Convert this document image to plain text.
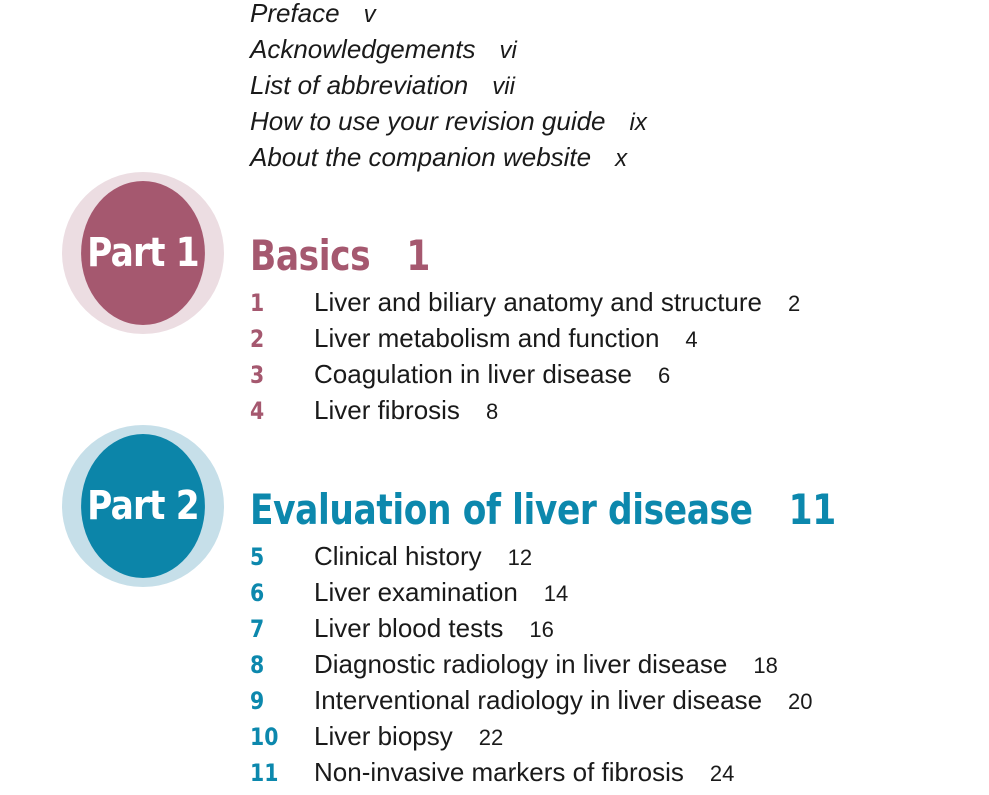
Preface v
Acknowledgements vi
List of abbreviation vii
How to use your revision guide ix
About the companion website x
Part 1 Basics 1
1 Liver and biliary anatomy and structure 2
2 Liver metabolism and function 4
3 Coagulation in liver disease 6
4 Liver fibrosis 8
Part 2 Evaluation of liver disease 11
5 Clinical history 12
6 Liver examination 14
7 Liver blood tests 16
8 Diagnostic radiology in liver disease 18
9 Interventional radiology in liver disease 20
10 Liver biopsy 22
11 Non-invasive markers of fibrosis 24
